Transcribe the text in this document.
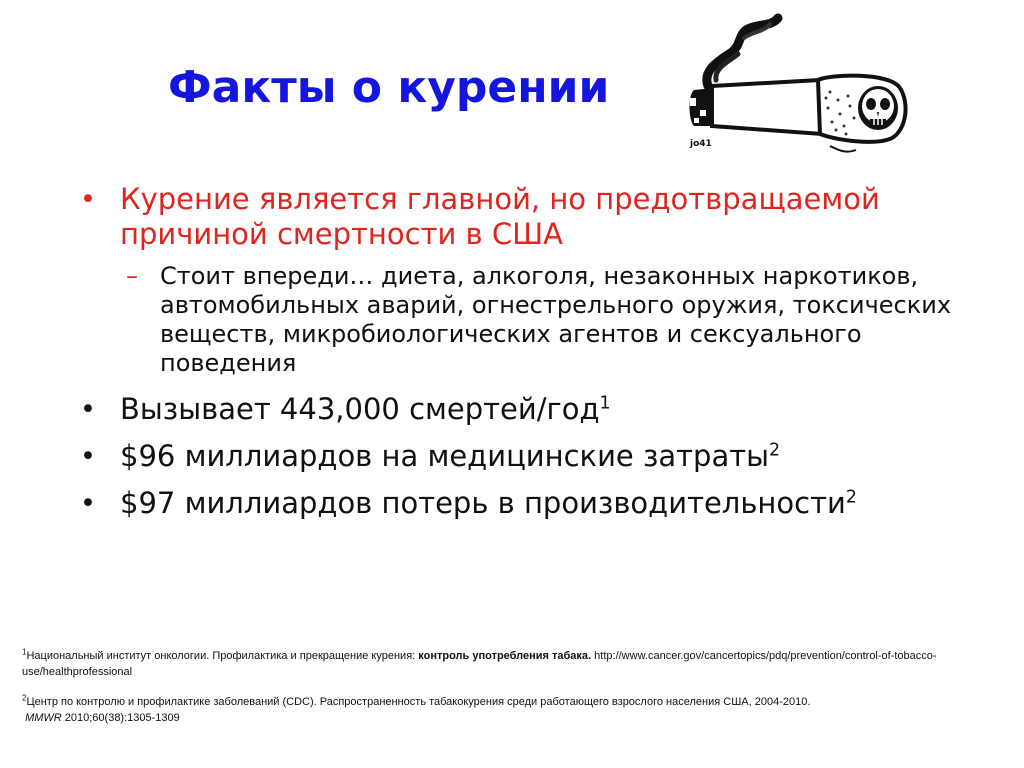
Факты о курении
jo41
• Курение является главной, но предотвращаемой причиной смертности в США
– Стоит впереди… диета, алкоголя, незаконных наркотиков, автомобильных аварий, огнестрельного оружия, токсических веществ, микробиологических агентов и сексуального поведения
• Вызывает 443,000 смертей/год$^1$
• $96 миллиардов на медицинские затраты$^2$
• $97 миллиардов потерь в производительности$^2$
$^1$Национальный институт онкологии. Профилактика и прекращение курения: контроль употребления табака. http://www.cancer.gov/cancertopics/pdq/prevention/control-of-tobacco-use/healthprofessional
$^2$Центр по контролю и профилактике заболеваний (CDC). Распространенность табакокурения среди работающего взрослого населения США, 2004-2010.
MMWR 2010;60(38):1305-1309
